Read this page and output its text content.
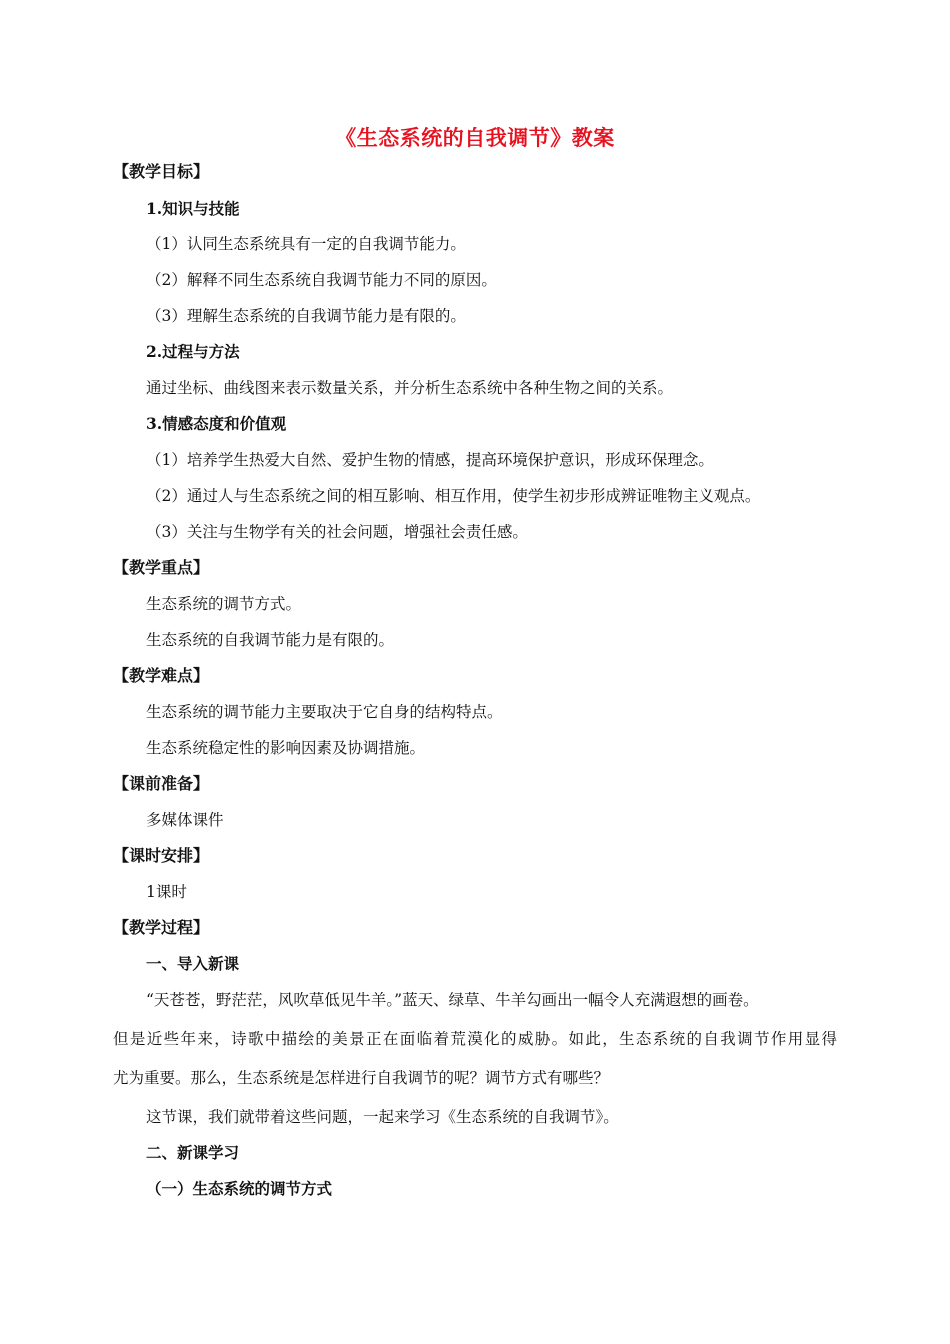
《生态系统的自我调节》教案
【教学目标】
1.知识与技能
（1）认同生态系统具有一定的自我调节能力。
（2）解释不同生态系统自我调节能力不同的原因。
（3）理解生态系统的自我调节能力是有限的。
2.过程与方法
通过坐标、曲线图来表示数量关系，并分析生态系统中各种生物之间的关系。
3.情感态度和价值观
（1）培养学生热爱大自然、爱护生物的情感，提高环境保护意识，形成环保理念。
（2）通过人与生态系统之间的相互影响、相互作用，使学生初步形成辨证唯物主义观点。
（3）关注与生物学有关的社会问题，增强社会责任感。
【教学重点】
生态系统的调节方式。
生态系统的自我调节能力是有限的。
【教学难点】
生态系统的调节能力主要取决于它自身的结构特点。
生态系统稳定性的影响因素及协调措施。
【课前准备】
多媒体课件
【课时安排】
1课时
【教学过程】
一、导入新课
“天苍苍，野茫茫，风吹草低见牛羊。”蓝天、绿草、牛羊勾画出一幅令人充满遐想的画卷。
但是近些年来，诗歌中描绘的美景正在面临着荒漠化的威胁。如此，生态系统的自我调节作用显得
尤为重要。那么，生态系统是怎样进行自我调节的呢？调节方式有哪些？
这节课，我们就带着这些问题，一起来学习《生态系统的自我调节》。
二、新课学习
（一）生态系统的调节方式
